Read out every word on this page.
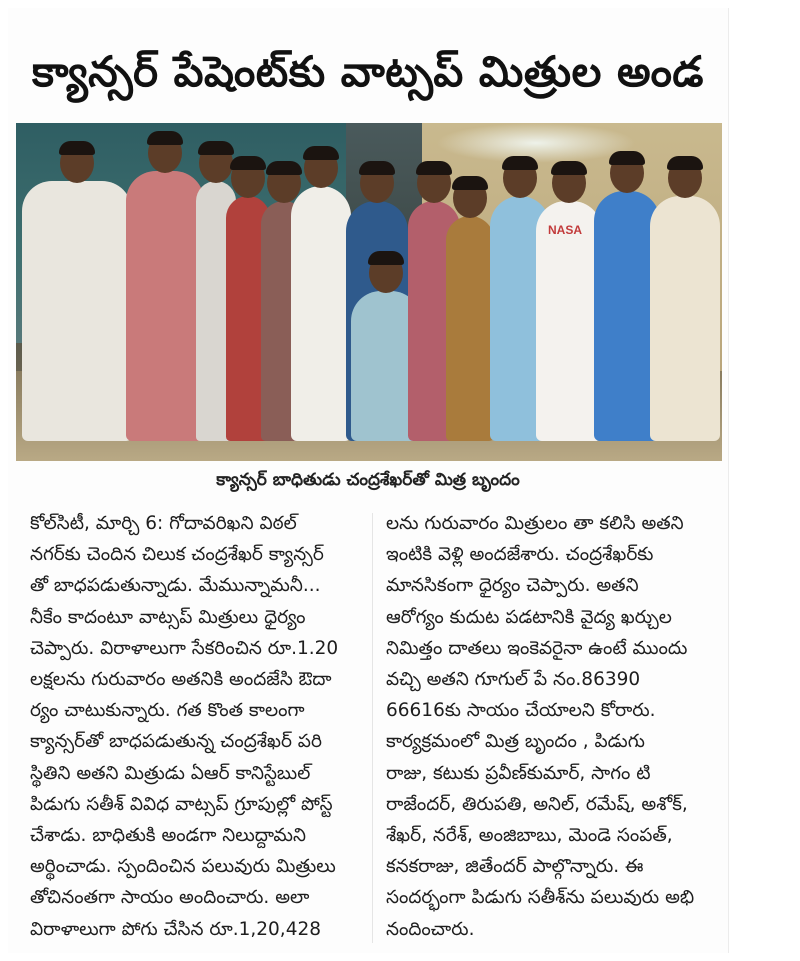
క్యాన్సర్ పేషెంట్‌కు వాట్సప్ మిత్రుల అండ
NASA
క్యాన్సర్ బాధితుడు చంద్రశేఖర్‌తో మిత్ర బృందం
కోల్‌సిటీ, మార్చి 6: గోదావరిఖని విఠల్
నగర్‌కు చెందిన చిలుక చంద్రశేఖర్ క్యాన్సర్
తో బాధపడుతున్నాడు. మేమున్నామనీ...
నీకేం కాదంటూ వాట్సప్ మిత్రులు ధైర్యం
చెప్పారు. విరాళాలుగా సేకరించిన రూ.1.20
లక్షలను గురువారం అతనికి అందజేసి ఔదా
ర్యం చాటుకున్నారు. గత కొంత కాలంగా
క్యాన్సర్‌తో బాధపడుతున్న చంద్రశేఖర్ పరి
స్థితిని అతని మిత్రుడు ఏఆర్ కానిస్టేబుల్
పిడుగు సతీశ్ వివిధ వాట్సప్ గ్రూపుల్లో పోస్ట్
చేశాడు. బాధితుకి అండగా నిలుద్దామని
అర్థించాడు. స్పందించిన పలువురు మిత్రులు
తోచినంతగా సాయం అందించారు. అలా
విరాళాలుగా పోగు చేసిన రూ.1,20,428
లను గురువారం మిత్రులం తా కలిసి అతని
ఇంటికి వెళ్లి అందజేశారు. చంద్రశేఖర్‌కు
మానసికంగా ధైర్యం చెప్పారు. అతని
ఆరోగ్యం కుదుట పడటానికి వైద్య ఖర్చుల
నిమిత్తం దాతలు ఇంకెవరైనా ఉంటే ముందు
వచ్చి అతని గూగుల్ పే నం.86390
66616కు సాయం చేయాలని కోరారు.
కార్యక్రమంలో మిత్ర బృందం , పిడుగు
రాజు, కటుకు ప్రవీణ్‌కుమార్, సాగం టి
రాజేందర్, తిరుపతి, అనిల్, రమేష్, అశోక్,
శేఖర్, నరేశ్, అంజిబాబు, మెండె సంపత్,
కనకరాజు, జితేందర్ పాల్గొన్నారు. ఈ
సందర్భంగా పిడుగు సతీశ్‌ను పలువురు అభి
నందించారు.
